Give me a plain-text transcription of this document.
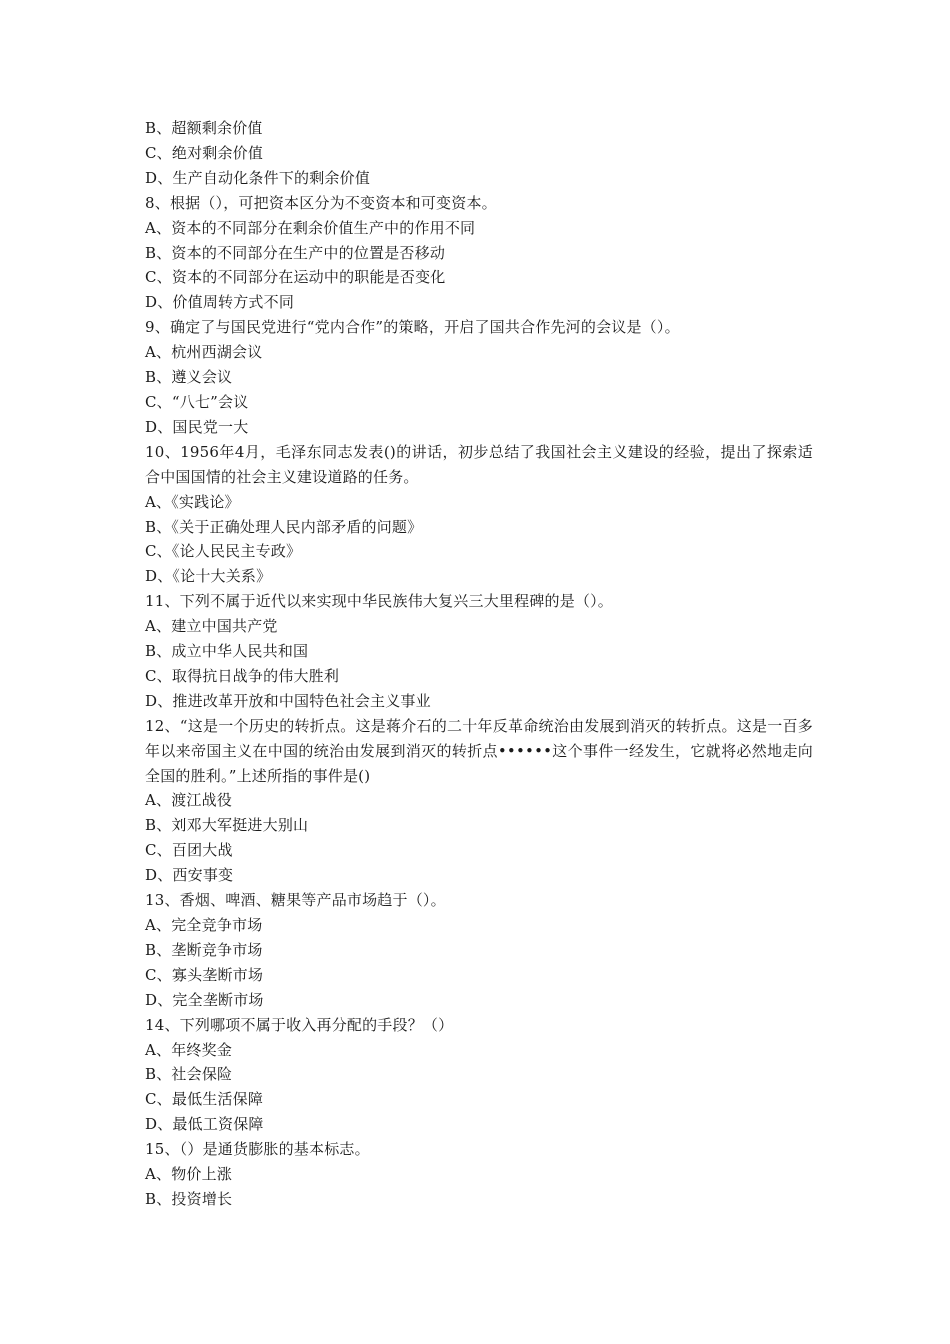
B、超额剩余价值
C、绝对剩余价值
D、生产自动化条件下的剩余价值
8、根据（），可把资本区分为不变资本和可变资本。
A、资本的不同部分在剩余价值生产中的作用不同
B、资本的不同部分在生产中的位置是否移动
C、资本的不同部分在运动中的职能是否变化
D、价值周转方式不同
9、确定了与国民党进行“党内合作”的策略，开启了国共合作先河的会议是（）。
A、杭州西湖会议
B、遵义会议
C、“八七”会议
D、国民党一大
10、1956年4月，毛泽东同志发表()的讲话，初步总结了我国社会主义建设的经验，提出了探索适合中国国情的社会主义建设道路的任务。
A、《实践论》
B、《关于正确处理人民内部矛盾的问题》
C、《论人民民主专政》
D、《论十大关系》
11、下列不属于近代以来实现中华民族伟大复兴三大里程碑的是（）。
A、建立中国共产党
B、成立中华人民共和国
C、取得抗日战争的伟大胜利
D、推进改革开放和中国特色社会主义事业
12、“这是一个历史的转折点。这是蒋介石的二十年反革命统治由发展到消灭的转折点。这是一百多年以来帝国主义在中国的统治由发展到消灭的转折点••••••这个事件一经发生，它就将必然地走向全国的胜利。”上述所指的事件是()
A、渡江战役
B、刘邓大军挺进大别山
C、百团大战
D、西安事变
13、香烟、啤酒、糖果等产品市场趋于（）。
A、完全竞争市场
B、垄断竞争市场
C、寡头垄断市场
D、完全垄断市场
14、下列哪项不属于收入再分配的手段？（）
A、年终奖金
B、社会保险
C、最低生活保障
D、最低工资保障
15、（）是通货膨胀的基本标志。
A、物价上涨
B、投资增长
